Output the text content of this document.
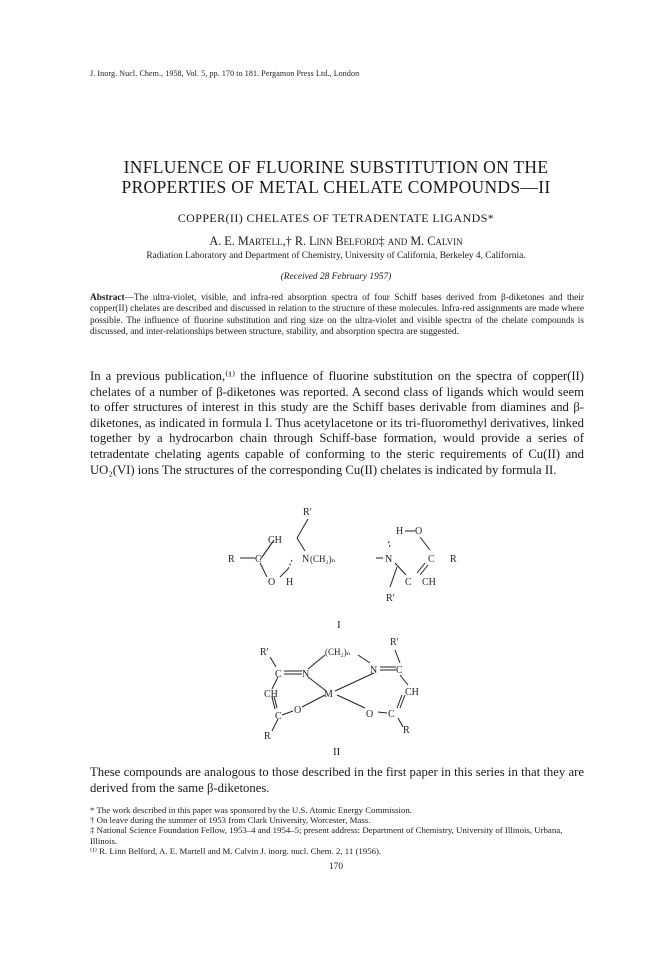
J. Inorg. Nucl. Chem., 1958, Vol. 5, pp. 170 to 181. Pergamon Press Ltd., London
INFLUENCE OF FLUORINE SUBSTITUTION ON THE
PROPERTIES OF METAL CHELATE COMPOUNDS—II
COPPER(II) CHELATES OF TETRADENTATE LIGANDS*
A. E. Martell,† R. Linn Belford‡ and M. Calvin
Radiation Laboratory and Department of Chemistry, University of California, Berkeley 4, California.
(Received 28 February 1957)
Abstract—The ultra-violet, visible, and infra-red absorption spectra of four Schiff bases derived from β-diketones and their copper(II) chelates are described and discussed in relation to the structure of these molecules. Infra-red assignments are made where possible. The influence of fluorine substitution and ring size on the ultra-violet and visible spectra of the chelate compounds is discussed, and inter-relationships between structure, stability, and absorption spectra are suggested.
In a previous publication,⁽¹⁾ the influence of fluorine substitution on the spectra of copper(II) chelates of a number of β-diketones was reported. A second class of ligands which would seem to offer structures of interest in this study are the Schiff bases derivable from diamines and β-diketones, as indicated in formula I. Thus acetylacetone or its tri-fluoromethyl derivatives, linked together by a hydrocarbon chain through Schiff-base formation, would provide a series of tetradentate chelating agents capable of conforming to the steric requirements of Cu(II) and UO₂(VI) ions The structures of the corresponding Cu(II) chelates is indicated by formula II.
R′
CH
R C	N (CH₂)ₙ	N
H O
C R
O H	C CH
R′
I
R′
R′
(CH₂)ₙ
C N	N C
M
CH	CH
C
O	O C
R
R
II
These compounds are analogous to those described in the first paper in this series in that they are derived from the same β-diketones.
* The work described in this paper was sponsored by the U.S. Atomic Energy Commission.
† On leave during the summer of 1953 from Clark University, Worcester, Mass.
‡ National Science Foundation Fellow, 1953–4 and 1954–5; present address: Department of Chemistry, University of Illinois, Urbana, Illinois.
⁽¹⁾ R. Linn Belford, A. E. Martell and M. Calvin J. inorg. nucl. Chem. 2, 11 (1956).
170
